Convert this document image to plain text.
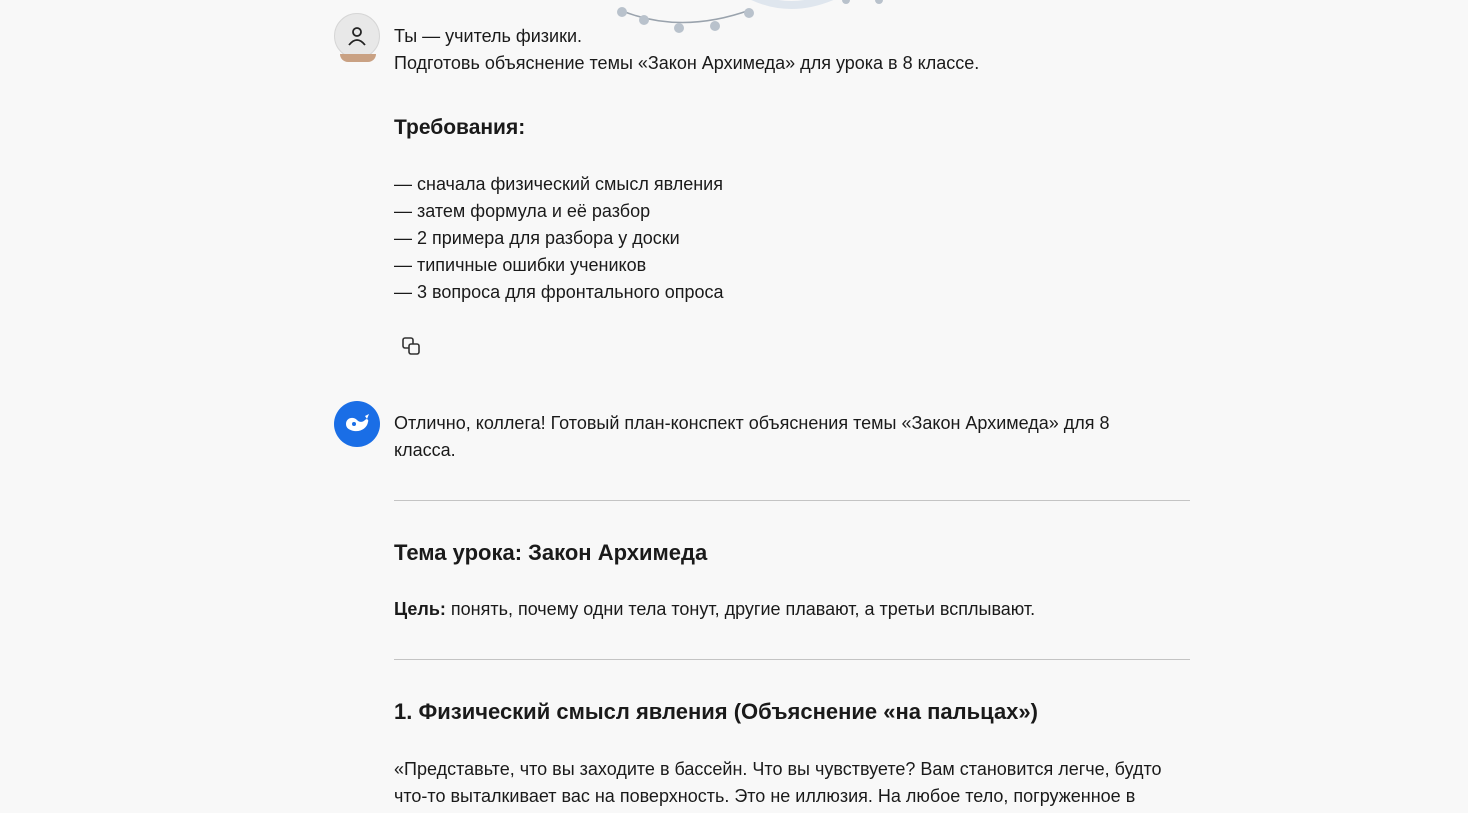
Ты — учитель физики.

Подготовь объяснение темы «Закон Архимеда» для урока в 8 классе.

Требования:
— сначала физический смысл явления
— затем формула и её разбор
— 2 примера для разбора у доски
— типичные ошибки учеников
— 3 вопроса для фронтального опроса

Отлично, коллега! Готовый план-конспект объяснения темы «Закон Архимеда» для 8 класса.

Тема урока: Закон Архимеда

Цель: понять, почему одни тела тонут, другие плавают, а третьи всплывают.

1. Физический смысл явления (Объяснение «на пальцах»)

«Представьте, что вы заходите в бассейн. Что вы чувствуете? Вам становится легче, будто что-то выталкивает вас на поверхность. Это не иллюзия. На любое тело, погруженное в
